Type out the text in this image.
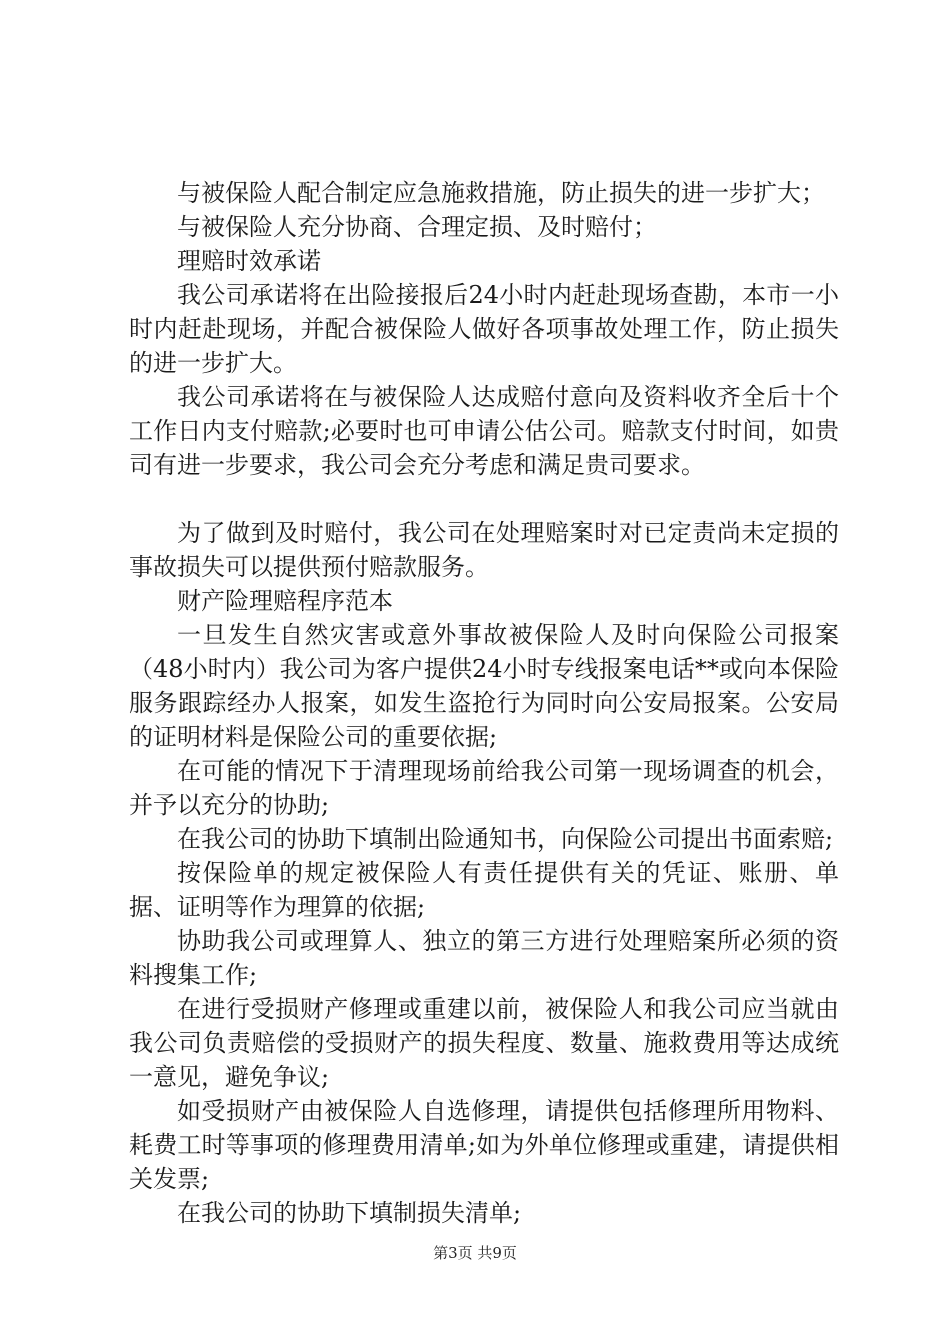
与被保险人配合制定应急施救措施，防止损失的进一步扩大；

与被保险人充分协商、合理定损、及时赔付；

理赔时效承诺

我公司承诺将在出险接报后24小时内赶赴现场查勘，本市一小时内赶赴现场，并配合被保险人做好各项事故处理工作，防止损失的进一步扩大。

我公司承诺将在与被保险人达成赔付意向及资料收齐全后十个工作日内支付赔款;必要时也可申请公估公司。赔款支付时间，如贵司有进一步要求，我公司会充分考虑和满足贵司要求。

为了做到及时赔付，我公司在处理赔案时对已定责尚未定损的事故损失可以提供预付赔款服务。

财产险理赔程序范本

一旦发生自然灾害或意外事故被保险人及时向保险公司报案（48小时内）我公司为客户提供24小时专线报案电话**或向本保险服务跟踪经办人报案，如发生盗抢行为同时向公安局报案。公安局的证明材料是保险公司的重要依据;

在可能的情况下于清理现场前给我公司第一现场调查的机会，并予以充分的协助;

在我公司的协助下填制出险通知书，向保险公司提出书面索赔;

按保险单的规定被保险人有责任提供有关的凭证、账册、单据、证明等作为理算的依据;

协助我公司或理算人、独立的第三方进行处理赔案所必须的资料搜集工作;

在进行受损财产修理或重建以前，被保险人和我公司应当就由我公司负责赔偿的受损财产的损失程度、数量、施救费用等达成统一意见，避免争议;

如受损财产由被保险人自选修理，请提供包括修理所用物料、耗费工时等事项的修理费用清单;如为外单位修理或重建，请提供相关发票;

在我公司的协助下填制损失清单;

第3页 共9页
